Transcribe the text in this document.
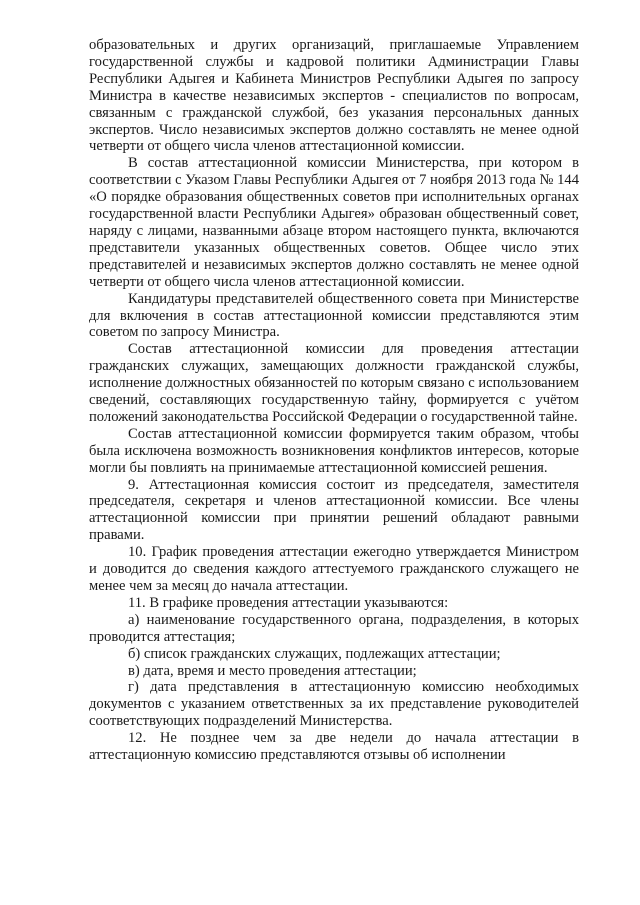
образовательных и других организаций, приглашаемые Управлением государственной службы и кадровой политики Администрации Главы Республики Адыгея и Кабинета Министров Республики Адыгея по запросу Министра в качестве независимых экспертов - специалистов по вопросам, связанным с гражданской службой, без указания персональных данных экспертов. Число независимых экспертов должно составлять не менее одной четверти от общего числа членов аттестационной комиссии.

В состав аттестационной комиссии Министерства, при котором в соответствии с Указом Главы Республики Адыгея от 7 ноября 2013 года № 144 «О порядке образования общественных советов при исполнительных органах государственной власти Республики Адыгея» образован общественный совет, наряду с лицами, названными абзаце втором настоящего пункта, включаются представители указанных общественных советов. Общее число этих представителей и независимых экспертов должно составлять не менее одной четверти от общего числа членов аттестационной комиссии.

Кандидатуры представителей общественного совета при Министерстве для включения в состав аттестационной комиссии представляются этим советом по запросу Министра.

Состав аттестационной комиссии для проведения аттестации гражданских служащих, замещающих должности гражданской службы, исполнение должностных обязанностей по которым связано с использованием сведений, составляющих государственную тайну, формируется с учётом положений законодательства Российской Федерации о государственной тайне.

Состав аттестационной комиссии формируется таким образом, чтобы была исключена возможность возникновения конфликтов интересов, которые могли бы повлиять на принимаемые аттестационной комиссией решения.

9. Аттестационная комиссия состоит из председателя, заместителя председателя, секретаря и членов аттестационной комиссии. Все члены аттестационной комиссии при принятии решений обладают равными правами.

10. График проведения аттестации ежегодно утверждается Министром и доводится до сведения каждого аттестуемого гражданского служащего не менее чем за месяц до начала аттестации.

11. В графике проведения аттестации указываются:

а) наименование государственного органа, подразделения, в которых проводится аттестация;

б) список гражданских служащих, подлежащих аттестации;

в) дата, время и место проведения аттестации;

г) дата представления в аттестационную комиссию необходимых документов с указанием ответственных за их представление руководителей соответствующих подразделений Министерства.

12. Не позднее чем за две недели до начала аттестации в аттестационную комиссию представляются отзывы об исполнении
